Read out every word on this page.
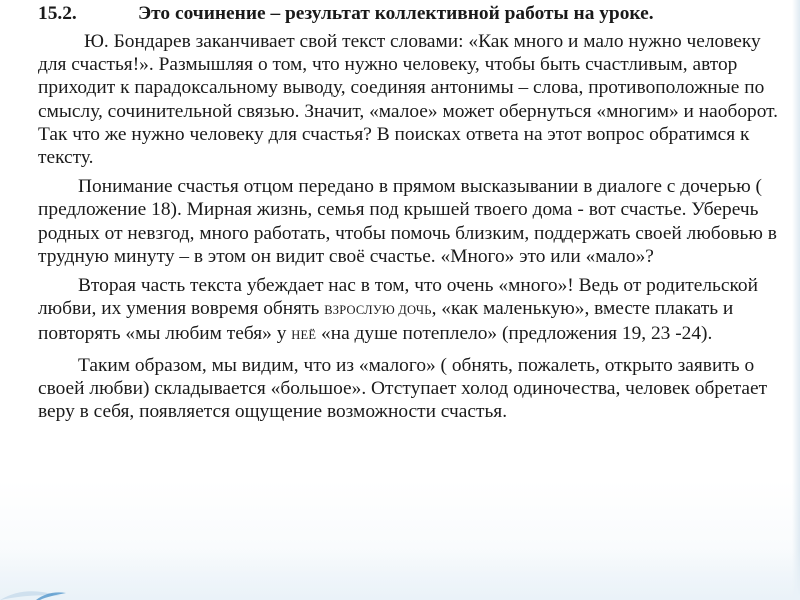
15.2.	Это сочинение – результат коллективной работы на уроке.

Ю. Бондарев заканчивает свой текст словами: «Как много и мало нужно человеку для счастья!». Размышляя о том, что нужно человеку, чтобы быть счастливым, автор приходит к парадоксальному выводу, соединяя антонимы – слова, противоположные по смыслу, сочинительной связью. Значит, «малое» может обернуться «многим» и наоборот. Так что же нужно человеку для счастья? В поисках ответа на этот вопрос обратимся к тексту.

Понимание счастья отцом передано в прямом высказывании в диалоге с дочерью ( предложение 18). Мирная жизнь, семья под крышей твоего дома - вот счастье. Уберечь родных от невзгод, много работать, чтобы помочь близким, поддержать своей любовью в трудную минуту – в этом он видит своё счастье. «Много» это или «мало»?

Вторая часть текста убеждает нас в том, что очень «много»! Ведь от родительской любви, их умения вовремя обнять ВЗРОСЛУЮ ДОЧЬ, «как маленькую», вместе плакать и повторять «мы любим тебя» у НЕЁ «на душе потеплело» (предложения 19, 23 -24).

Таким образом, мы видим, что из «малого» ( обнять, пожалеть, открыто заявить о своей любви) складывается «большое». Отступает холод одиночества, человек обретает веру в себя, появляется ощущение возможности счастья.
